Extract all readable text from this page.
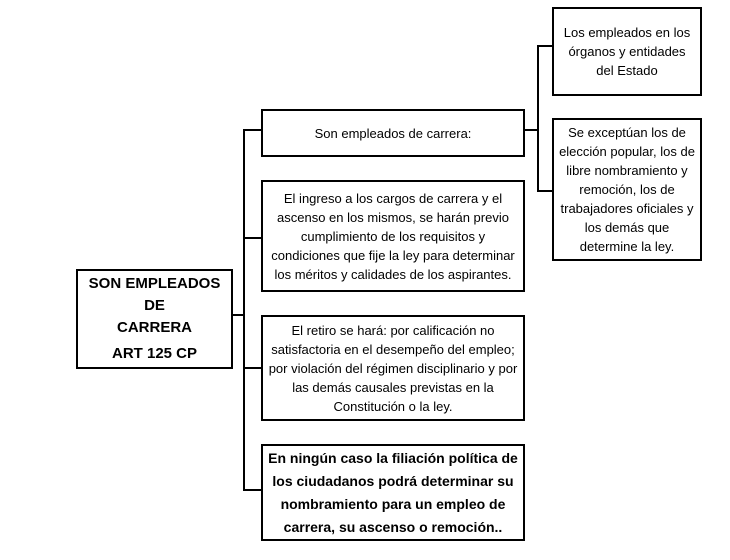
SON EMPLEADOS DE
CARRERA
ART 125 CP
Son empleados de carrera:
El ingreso a los cargos de carrera y el ascenso en los mismos, se harán previo cumplimiento de los requisitos y condiciones que fije la ley para determinar los méritos y calidades de los aspirantes.
El retiro se hará: por calificación no satisfactoria en el desempeño del empleo; por violación del régimen disciplinario y por las demás causales previstas en la Constitución o la ley.
En ningún caso la filiación política de los ciudadanos podrá determinar su nombramiento para un empleo de carrera, su ascenso o remoción..
Los empleados en los órganos y entidades del Estado
Se exceptúan los de elección popular, los de libre nombramiento y remoción, los de trabajadores oficiales y los demás que determine la ley.
